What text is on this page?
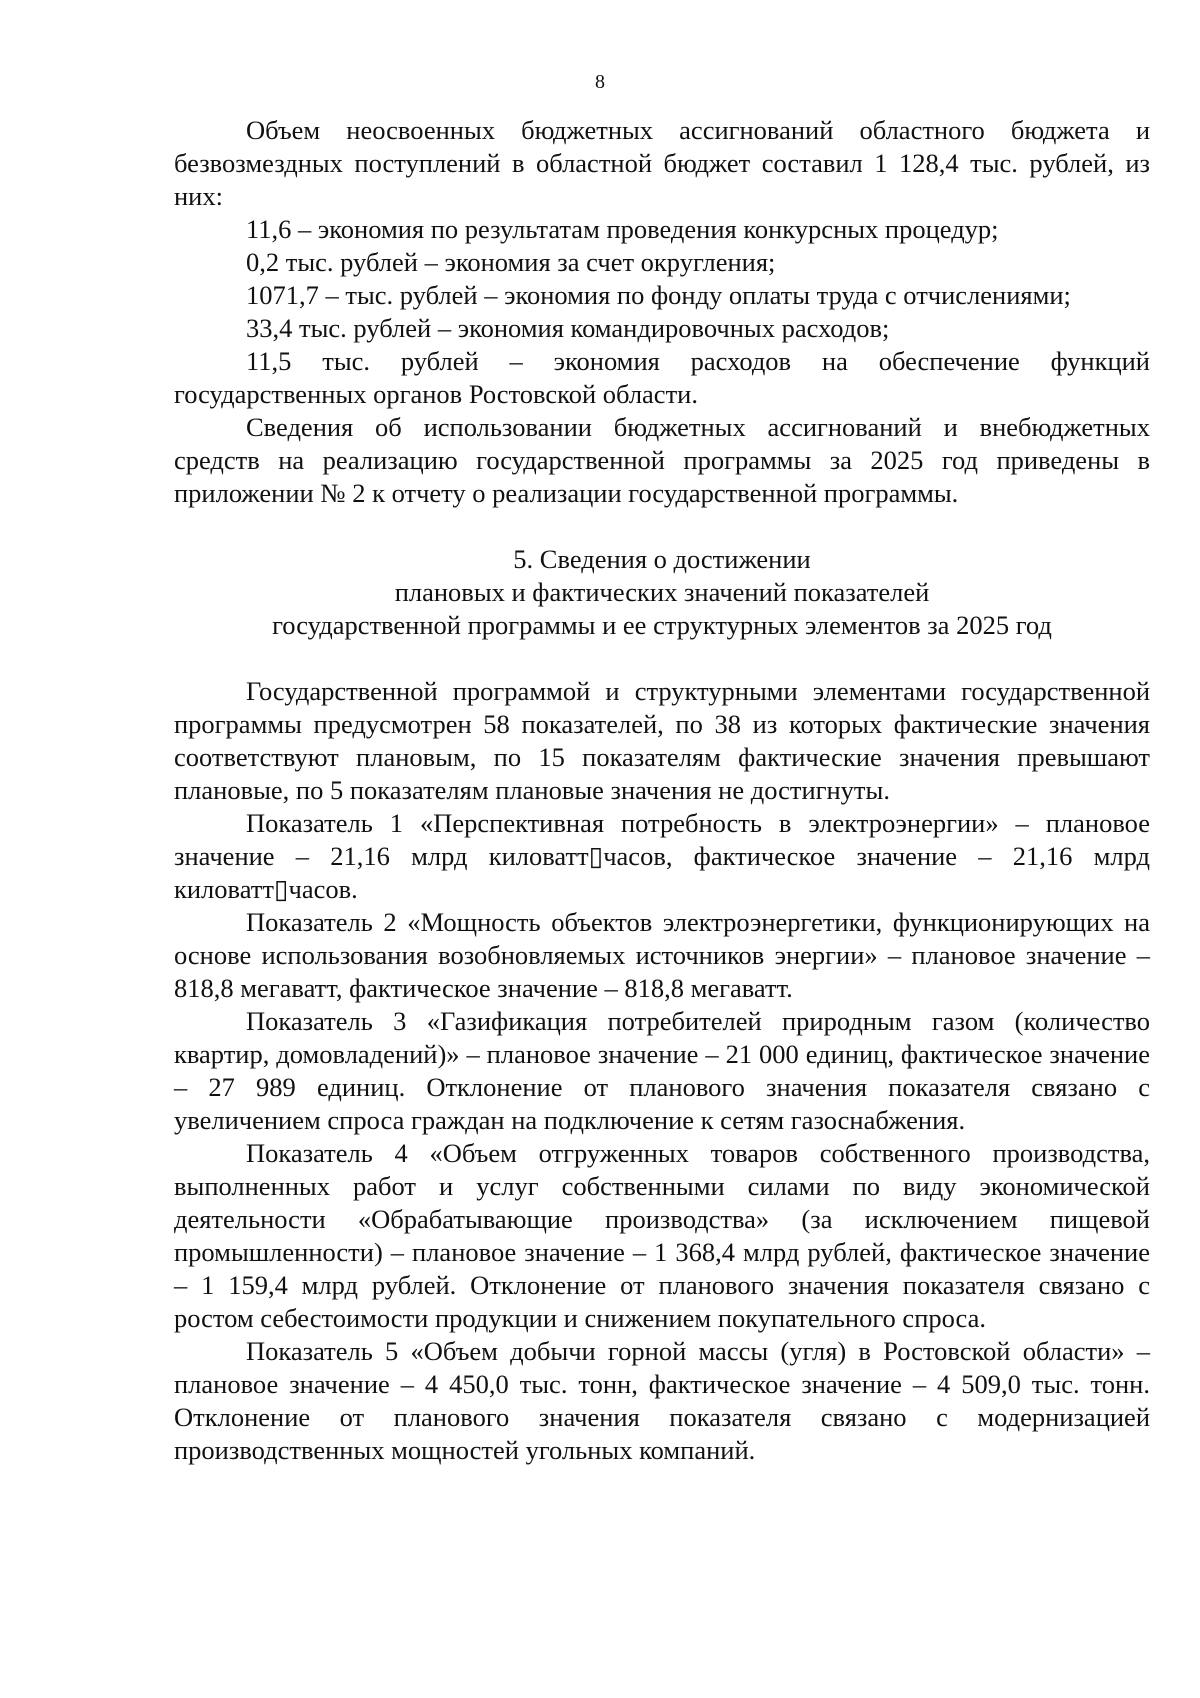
8

Объем неосвоенных бюджетных ассигнований областного бюджета и безвозмездных поступлений в областной бюджет составил 1 128,4 тыс. рублей, из них:

11,6 – экономия по результатам проведения конкурсных процедур;

0,2 тыс. рублей – экономия за счет округления;

1071,7 – тыс. рублей – экономия по фонду оплаты труда с отчислениями;

33,4 тыс. рублей – экономия командировочных расходов;

11,5 тыс. рублей – экономия расходов на обеспечение функций государственных органов Ростовской области.

Сведения об использовании бюджетных ассигнований и внебюджетных средств на реализацию государственной программы за 2025 год приведены в приложении № 2 к отчету о реализации государственной программы.

5. Сведения о достижении
плановых и фактических значений показателей
государственной программы и ее структурных элементов за 2025 год

Государственной программой и структурными элементами государственной программы предусмотрен 58 показателей, по 38 из которых фактические значения соответствуют плановым, по 15 показателям фактические значения превышают плановые, по 5 показателям плановые значения не достигнуты.

Показатель 1 «Перспективная потребность в электроэнергии» – плановое значение – 21,16 млрд киловатт▯часов, фактическое значение – 21,16 млрд киловатт▯часов.

Показатель 2 «Мощность объектов электроэнергетики, функционирующих на основе использования возобновляемых источников энергии» – плановое значение – 818,8 мегаватт, фактическое значение – 818,8 мегаватт.

Показатель 3 «Газификация потребителей природным газом (количество квартир, домовладений)» – плановое значение – 21 000 единиц, фактическое значение – 27 989 единиц. Отклонение от планового значения показателя связано с увеличением спроса граждан на подключение к сетям газоснабжения.

Показатель 4 «Объем отгруженных товаров собственного производства, выполненных работ и услуг собственными силами по виду экономической деятельности «Обрабатывающие производства» (за исключением пищевой промышленности) – плановое значение – 1 368,4 млрд рублей, фактическое значение – 1 159,4 млрд рублей. Отклонение от планового значения показателя связано с ростом себестоимости продукции и снижением покупательного спроса.

Показатель 5 «Объем добычи горной массы (угля) в Ростовской области» – плановое значение – 4 450,0 тыс. тонн, фактическое значение – 4 509,0 тыс. тонн. Отклонение от планового значения показателя связано с модернизацией производственных мощностей угольных компаний.
